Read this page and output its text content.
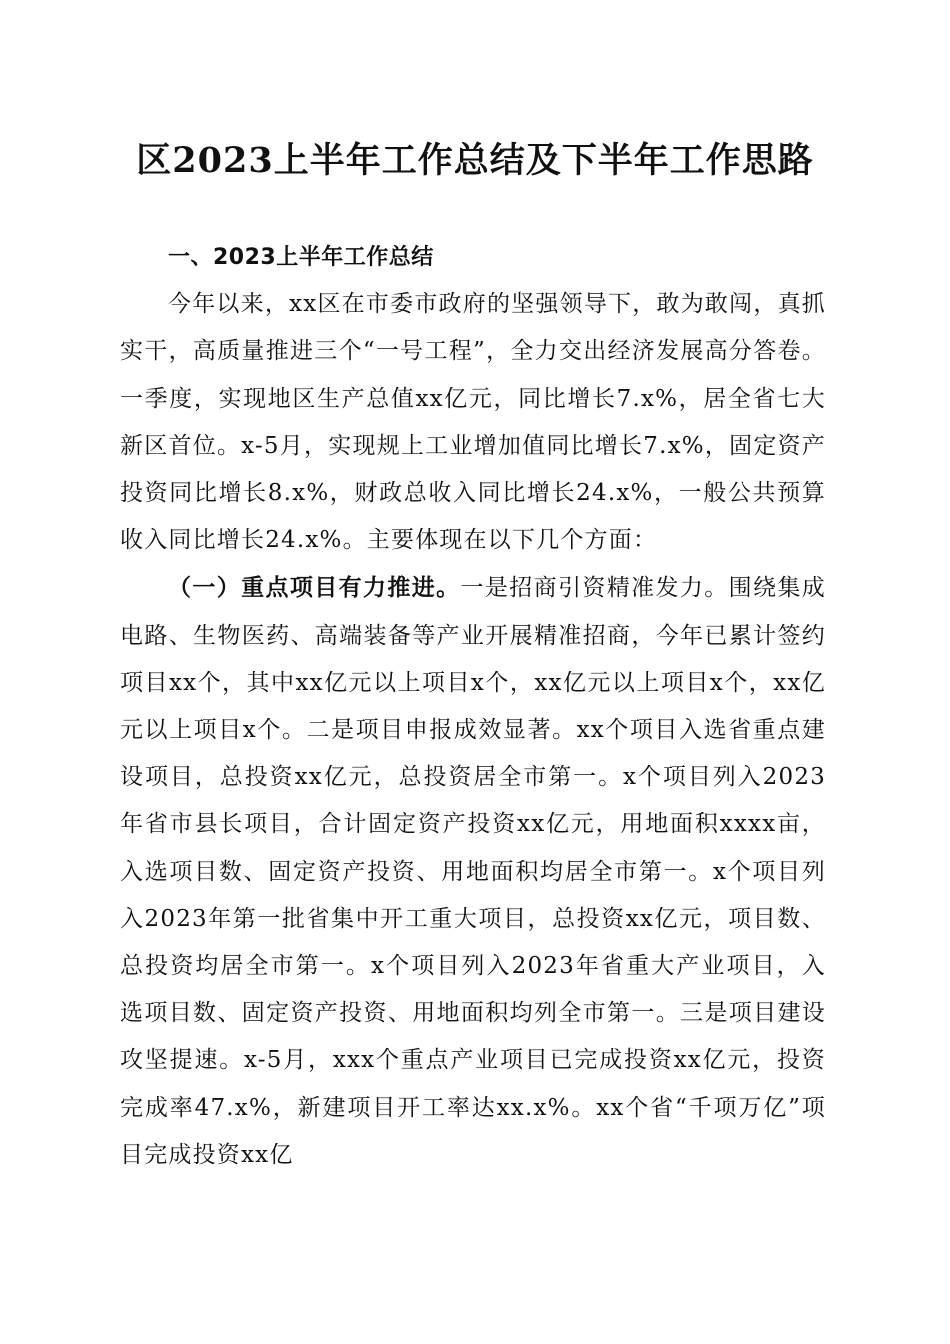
区2023上半年工作总结及下半年工作思路

一、2023上半年工作总结

今年以来，xx区在市委市政府的坚强领导下，敢为敢闯，真抓实干，高质量推进三个“一号工程”，全力交出经济发展高分答卷。一季度，实现地区生产总值xx亿元，同比增长7.x%，居全省七大新区首位。x-5月，实现规上工业增加值同比增长7.x%，固定资产投资同比增长8.x%，财政总收入同比增长24.x%，一般公共预算收入同比增长24.x%。主要体现在以下几个方面：

（一）重点项目有力推进。一是招商引资精准发力。围绕集成电路、生物医药、高端装备等产业开展精准招商，今年已累计签约项目xx个，其中xx亿元以上项目x个，xx亿元以上项目x个，xx亿元以上项目x个。二是项目申报成效显著。xx个项目入选省重点建设项目，总投资xx亿元，总投资居全市第一。x个项目列入2023年省市县长项目，合计固定资产投资xx亿元，用地面积xxxx亩，入选项目数、固定资产投资、用地面积均居全市第一。x个项目列入2023年第一批省集中开工重大项目，总投资xx亿元，项目数、总投资均居全市第一。x个项目列入2023年省重大产业项目，入选项目数、固定资产投资、用地面积均列全市第一。三是项目建设攻坚提速。x-5月，xxx个重点产业项目已完成投资xx亿元，投资完成率47.x%，新建项目开工率达xx.x%。xx个省“千项万亿”项目完成投资xx亿
